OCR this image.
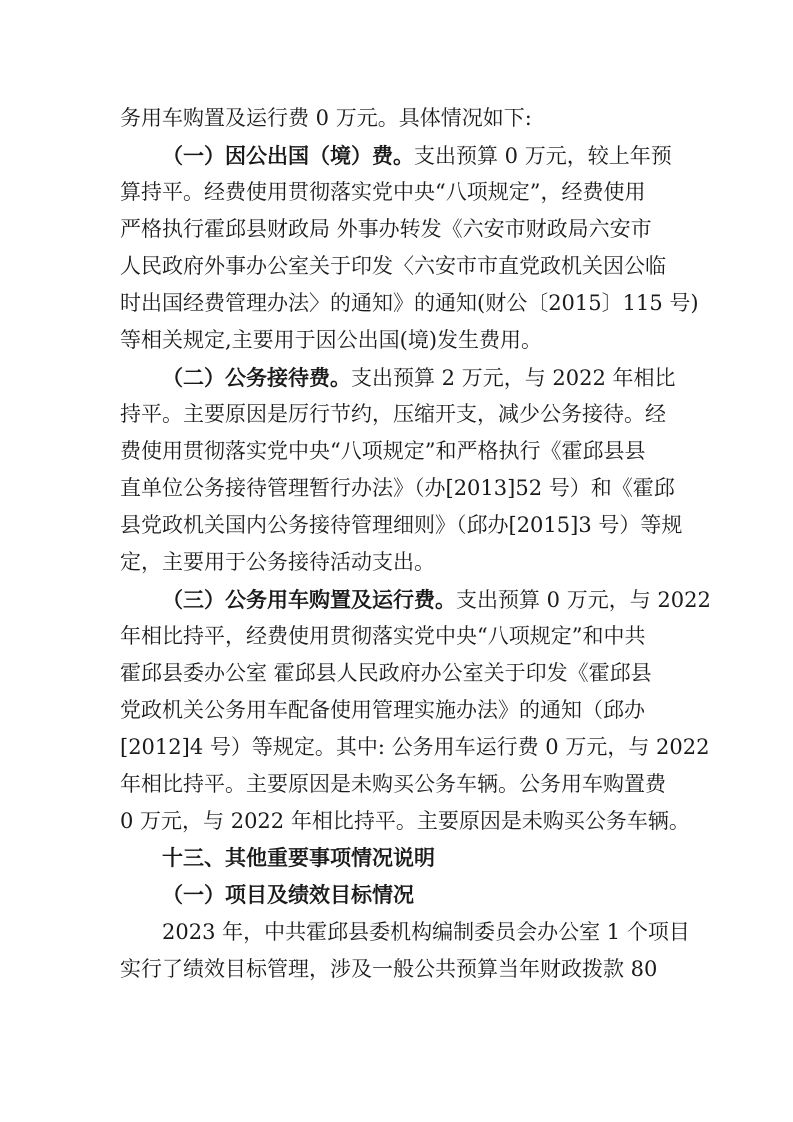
务用车购置及运行费 0 万元。具体情况如下:
（一）因公出国（境）费。支出预算 0 万元，较上年预
算持平。经费使用贯彻落实党中央“八项规定”，经费使用
严格执行霍邱县财政局 外事办转发《六安市财政局六安市
人民政府外事办公室关于印发〈六安市市直党政机关因公临
时出国经费管理办法〉的通知》的通知(财公〔2015〕115 号)
等相关规定,主要用于因公出国(境)发生费用。
（二）公务接待费。支出预算 2 万元，与 2022 年相比
持平。主要原因是厉行节约，压缩开支，减少公务接待。经
费使用贯彻落实党中央“八项规定”和严格执行《霍邱县县
直单位公务接待管理暂行办法》（办[2013]52 号）和《霍邱
县党政机关国内公务接待管理细则》（邱办[2015]3 号）等规
定，主要用于公务接待活动支出。
（三）公务用车购置及运行费。支出预算 0 万元，与 2022
年相比持平，经费使用贯彻落实党中央“八项规定”和中共
霍邱县委办公室 霍邱县人民政府办公室关于印发《霍邱县
党政机关公务用车配备使用管理实施办法》的通知（邱办
[2012]4 号）等规定。其中: 公务用车运行费 0 万元，与 2022
年相比持平。主要原因是未购买公务车辆。公务用车购置费
0 万元，与 2022 年相比持平。主要原因是未购买公务车辆。
十三、其他重要事项情况说明
（一）项目及绩效目标情况
2023 年，中共霍邱县委机构编制委员会办公室 1 个项目
实行了绩效目标管理，涉及一般公共预算当年财政拨款 80
